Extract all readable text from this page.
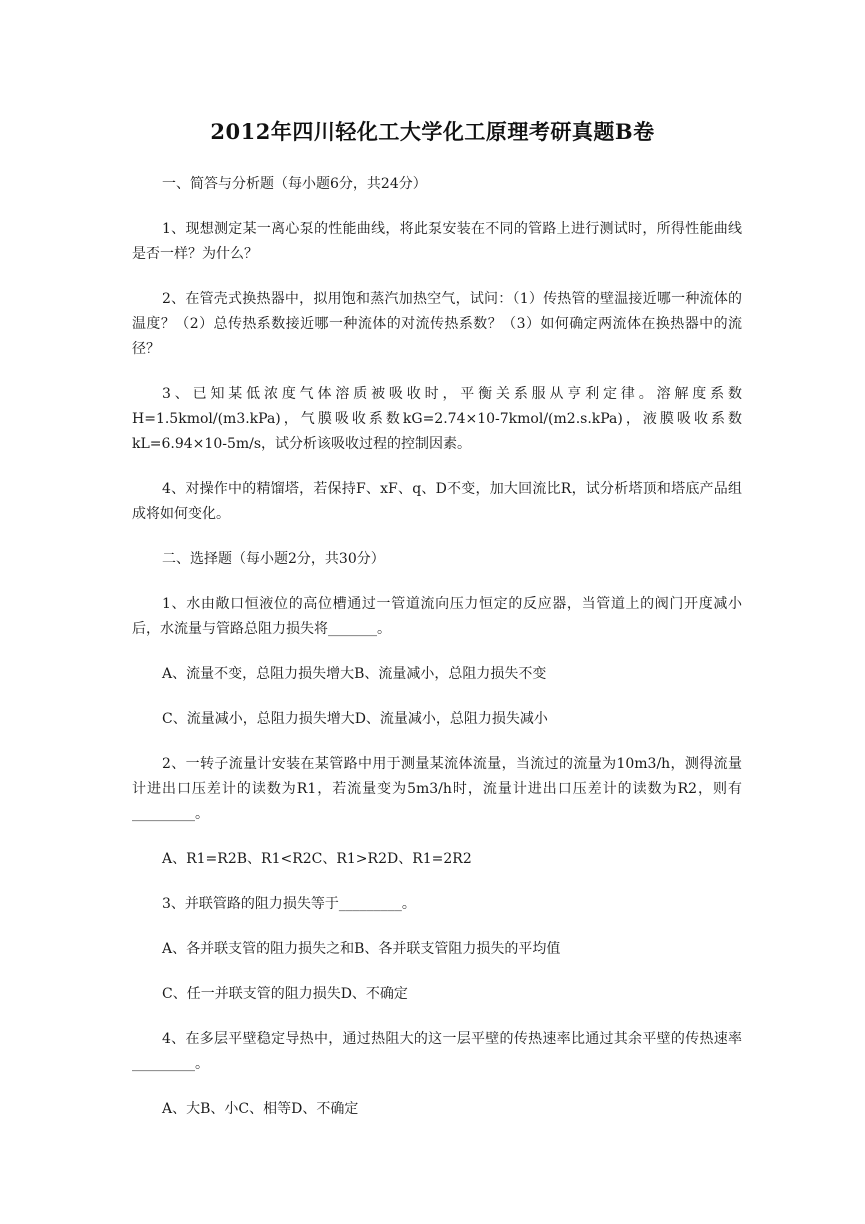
2012年四川轻化工大学化工原理考研真题B卷

一、简答与分析题（每小题6分，共24分）

1、现想测定某一离心泵的性能曲线，将此泵安装在不同的管路上进行测试时，所得性能曲线是否一样？为什么？

2、在管壳式换热器中，拟用饱和蒸汽加热空气，试问：（1）传热管的壁温接近哪一种流体的温度？（2）总传热系数接近哪一种流体的对流传热系数？（3）如何确定两流体在换热器中的流径？

3、已知某低浓度气体溶质被吸收时，平衡关系服从亨利定律。溶解度系数H=1.5kmol/(m3.kPa)，气膜吸收系数kG=2.74×10-7kmol/(m2.s.kPa)，液膜吸收系数kL=6.94×10-5m/s，试分析该吸收过程的控制因素。

4、对操作中的精馏塔，若保持F、xF、q、D不变，加大回流比R，试分析塔顶和塔底产品组成将如何变化。

二、选择题（每小题2分，共30分）

1、水由敞口恒液位的高位槽通过一管道流向压力恒定的反应器，当管道上的阀门开度减小后，水流量与管路总阻力损失将_______。

A、流量不变，总阻力损失增大B、流量减小，总阻力损失不变

C、流量减小，总阻力损失增大D、流量减小，总阻力损失减小

2、一转子流量计安装在某管路中用于测量某流体流量，当流过的流量为10m3/h，测得流量计进出口压差计的读数为R1，若流量变为5m3/h时，流量计进出口压差计的读数为R2，则有_________。

A、R1=R2B、R1<R2C、R1>R2D、R1=2R2

3、并联管路的阻力损失等于_________。

A、各并联支管的阻力损失之和B、各并联支管阻力损失的平均值

C、任一并联支管的阻力损失D、不确定

4、在多层平壁稳定导热中，通过热阻大的这一层平壁的传热速率比通过其余平壁的传热速率_________。

A、大B、小C、相等D、不确定
